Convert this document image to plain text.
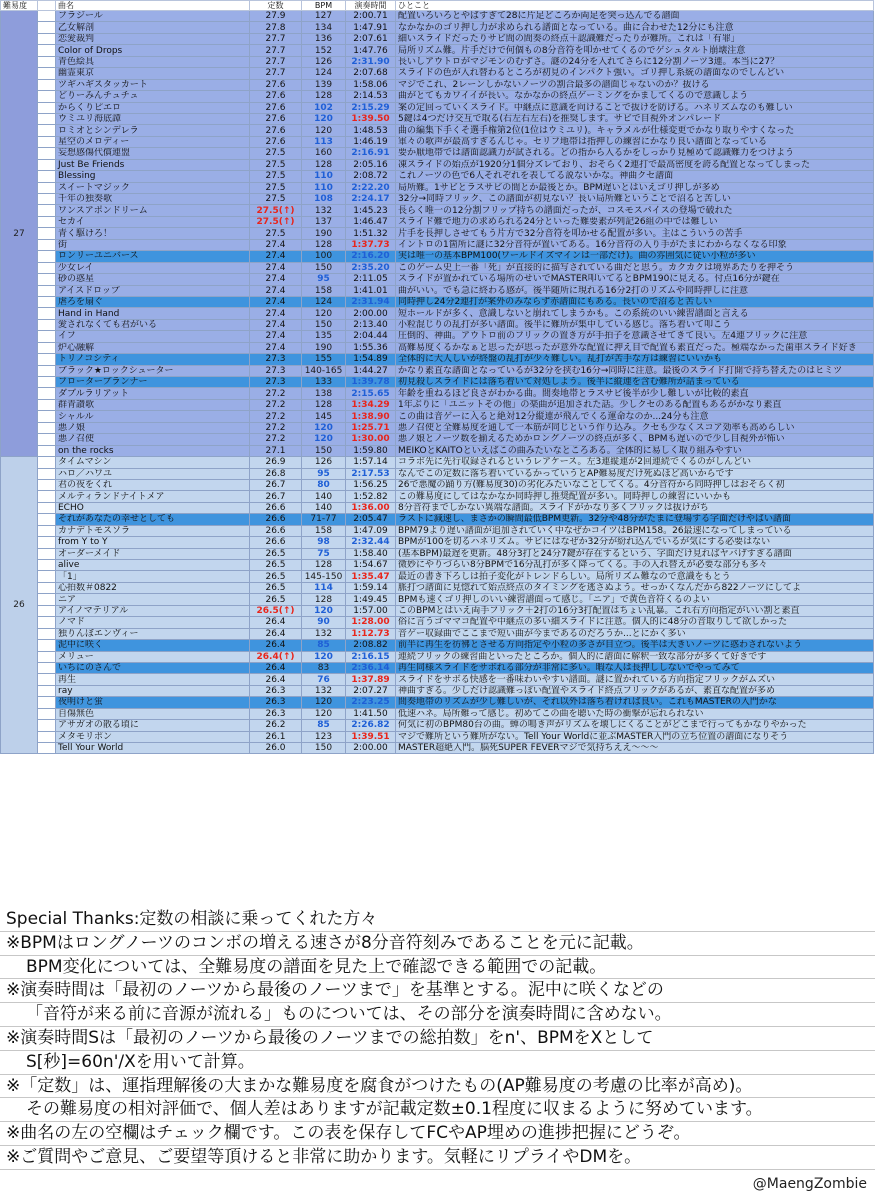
難易度		曲名	定数	BPM	演奏時間	ひとこと
27		フラジール	27.9	127	2:00.71	配置いろいろとやばすぎて28に片足どころか両足を突っ込んでる譜面
		乙女解剖	27.8	134	1:47.91	なかなかのゴリ押し力が求められる譜面となっている。曲に合わせた12分にも注意
		恋愛裁判	27.7	136	2:07.61	細いスライドだったりサビ間の間奏の終点＋認識難だったりが難所。これは「有罪」
		Color of Drops	27.7	152	1:47.76	局所リズム難。片手だけで何個もの8分音符を叩かせてくるのでゲシュタルト崩壊注意
		青色絵具	27.7	126	2:31.90	長いしアウトロがマジモンのむずさ。謎の24分を入れてさらに12分割ノーツ3連。本当に27？
		幽霊東京	27.7	124	2:07.68	スライドの色が入れ替わるところが初見のインパクト強い。ゴリ押し系統の譜面なのでしんどい
		ツギハギスタッカート	27.6	139	1:58.06	マジでこれ、2レーンしかないノーツの割合最多の譜面じゃないのか？抜ける
		どりーみんチュチュ	27.6	128	2:14.53	曲がとてもカワイイが長い。なかなかの終点ゲーミングをかましてくるので意識しよう
		からくりピエロ	27.6	102	2:15.29	案の定回っていくスライド。中継点に意識を向けることで抜けを防げる。ハネリズムなのも難しい
		ウミユリ海底譚	27.6	120	1:39.50	5鍵は4つだけ交互で取る(右左右左右)を推奨します。サビで目視外オンパレード
		ロミオとシンデレラ	27.6	120	1:48.53	曲の編集下手くそ選手権第2位(1位はウミユリ)。キャラメルが仕様変更でかなり取りやすくなった
		星空のメロディー	27.6	113	1:46.19	軍々の歌声が最高すぎるんじゃ。セリフ地帯は指押しの練習にかなり良い譜面となっている
		妄想感傷代償連盟	27.5	160	2:16.91	要か厭地帯では譜面認識力が試される。どの指から入るかをしっかり見極めて認識難力をつけよう
		Just Be Friends	27.5	128	2:05.16	凍スライドの始点が1920分1個分ズレており、おそらく2連打で最高密度を誇る配置となってしまった
		Blessing	27.5	110	2:08.72	これノーツの色で6人それぞれを表してる説ないかな。神曲クセ譜面
		スイートマジック	27.5	110	2:22.20	局所難。1サビとラスサビの間とか最後とか。BPM遅いとはいえゴリ押しが多め
		千年の独奏歌	27.5	108	2:24.17	32分→同時フリック、この譜面が初見ない？長い局所難ということで沼ると苦しい
		ワンスアポンドリーム	27.5(↑)	132	1:45.23	長らく唯一の12分割フリップ持ちの譜面だったが、コスモスパイスの登場で破れた
		セカイ	27.5(↑)	137	1:46.47	スライド難で地力の求められる24分といった難要素が列記26組の中では難しい
		青く駆けろ！	27.5	190	1:51.32	片手を長押しさせてもう片方で32分音符を叩かせる配置が多い。主はこういうの苦手
		街	27.4	128	1:37.73	イントロの1箇所に謎に32分音符が置いてある。16分音符の入り手がたまにわからなくなる印象
		ロンリーユニバース	27.4	100	2:16.20	実は唯一の基本BPM100(ワールドイズマインは一部だけ)。曲の雰囲気に従い小粒が多い
		少女レイ	27.4	150	2:35.20	このゲーム史上一番「死」が直接的に描写されている曲だと思う。カクカクは境界あたりを押そう
		砂の惑星	27.4	95	2:11.05	スライドが置かれている場所のせいでMASTER叩いてるとBPM190に見える。付点16分が鍵在
		アイスドロップ	27.4	158	1:41.01	曲がいい。でも急に終わる感が。後半随所に現れる16分2打のリズムや同時押しに注意
		虐ろを扇ぐ	27.4	124	2:31.94	同時押し24分2連打が案外のみならず赤譜面にもある。長いので沼ると苦しい
		Hand in Hand	27.4	120	2:00.00	短ホールドが多く、意識しないと崩れてしまうかも。この系統のいい練習譜面と言える
		愛されなくても君がいる	27.4	150	2:13.40	小粒混じりの乱打が多い譜面。後半に難所が集中している感じ。落ち着いて叩こう
		イフ	27.4	135	2:04.44	圧倒的、神曲。アウトロ前のフリックの置き方が手拍子を意識させてきて良い。左4連フリックに注意
		炉心融解	27.4	190	1:55.36	高難易度くるかなぁと思ったが思ったが意外な配置に押え目で配置も素直だった。極端なかった歯車スライド好き
		トリノコシティ	27.3	155	1:54.89	全体的に大人しいが終盤の乱打が少々難しい。乱打が苦手な方は練習にいいかも
		ブラック★ロックシューター	27.3	140-165	1:44.27	かなり素直な譜面となっているが32分を挟む16分→同時に注意。最後のスライド打開で持ち替えたのはヒミツ
		フローターブランナー	27.3	133	1:39.78	初見殺しスライドには落ち着いて対処しよう。後半に縦連を含む難所が詰まっている
		ダブルラリアット	27.2	138	2:15.65	年齢を重ねるほど良さがわかる曲。間奏地帯とラスサビ後半が少し難しいが比較的素直
		群青讃歌	27.2	128	1:34.29	1年ぶりに「ユニットその他」の楽曲が追加された話。少しクセのある配置もあるがかなり素直
		シャルル	27.2	145	1:38.90	この曲は音ゲーに入ると絶対12分縦連が飛んでくる運命なのか...24分も注意
		悪ノ娘	27.2	120	1:25.71	悪ノ召使と全難易度を通して一本筋が同じという作り込み。クセも少なくスコア効率も高めらしい
		悪ノ召使	27.2	120	1:30.00	悪ノ娘とノーツ数を揃えるためかロングノーツの終点が多く、BPMも遅いので少し目視外が怖い
		on the rocks	27.1	150	1:59.80	MEIKOとKAITOといえばこの曲みたいなところある。全体的に易しく取り組みやすい
26		タイムマシン	26.9	126	1:57.14	コラボ先に先行収録されるというレアケース。左3連縦連が2回連続でくるのがしんどい
		ハロ／ハワユ	26.8	95	2:17.53	なんでこの定数に落ち着いているかっていうとAP難易度だけ死ぬほど高いからです
		君の夜をくれ	26.7	80	1:56.25	26で悪魔の踊り方(難易度30)の劣化みたいなことしてくる。4分音符から同時押しはおそらく初
		メルティランドナイトメア	26.7	140	1:52.82	この難易度にしてはなかなか同時押し推奨配置が多い。同時押しの練習にいいかも
		ECHO	26.6	140	1:36.00	8分音符までしかない異端な譜面。スライドがかなり多くフリックは抜けがち
		それがあなたの幸せとしても	26.6	71-77	2:05.47	ラストに減速し、まさかの瞬間最低BPM更新。32分や48分がたまに登場する字面だけやばい譜面
		カナデトモスソラ	26.6	158	1:47.09	BPM79より遅い譜面が追加されていく中なぜかコイツはBPM158。26最速になってしまっている
		from Y to Y	26.6	98	2:32.44	BPMが100を切るハネリズム。サビにはなぜか32分が紛れ込んでいるが気にする必要はない
		オーダーメイド	26.5	75	1:58.40	(基本BPM)最遅を更新。48分3打と24分7鍵が存在するという、字面だけ見ればヤバげすぎる譜面
		alive	26.5	128	1:54.67	微妙にやりづらい8分BPMで16分乱打が多く降ってくる。手の入れ替えが必要な部分も多々
		「1」	26.5	145-150	1:35.47	最近の書き下ろしは拍子変化がトレンドらしい。局所リズム難なので意識をもとう
		心拍数＃0822	26.5	114	1:59.14	脈打つ譜面に見惚れて始点終点のタイミングを逃さぬよう。せっかくなんだから822ノーツにしてよ
		ニア	26.5	128	1:49.45	BPMも速くゴリ押しのいい練習譜面って感じ。「ニア」で黄色音符くるのよい
		アイノマテリアル	26.5(↑)	120	1:57.00	このBPMとはいえ両手フリック＋2打の16分3打配置はちょい乱暴。これ右方向指定がいい割と素直
		ノマド	26.4	90	1:28.00	俗に言うゴママコ配置や中継点の多い細スライドに注意。個人的に48分の音取りして欲しかった
		独りんぼエンヴィー	26.4	132	1:12.73	音ゲー収録曲でここまで短い曲が今まであるのだろうか...とにかく多い
		泥中に咲く	26.4	85	2:08.82	前半に再生を彷彿とさせる方向指定や小粒の多さが目立つ。後半は大きいノーツに惑わされないよう
		メリュー	26.4(↑)	120	2:16.15	連続フリックの練習曲といったところか。個人的に譜面に解釈一致な部分が多くて好きです
		いちにのさんで	26.4	83	2:36.14	再生同様スライドをサボれる部分が非常に多い。暇な人は長押ししないでやってみて
		再生	26.4	76	1:37.89	スライドをサボる快感を一番味わいやすい譜面。謎に置かれている方向指定フリックがムズい
		ray	26.3	132	2:07.27	神曲すぎる。少しだけ認識難っぽい配置やスライド終点フリックがあるが、素直な配置が多め
		夜明けと蛍	26.3	120	2:23.25	間奏地帯のリズムが少し難しいが、それ以外は落ち着ければ良い。これもMASTERの入門かな
		自傷無色	26.3	120	1:41.50	低速ハネ。局所難って感じ。初めてこの曲を聴いた時の衝撃が忘れられない
		アサガオの散る頃に	26.2	85	2:26.82	何気に初のBPM80台の曲。蝉の鳴き声がリズムを壊しにくることがどこまで行ってもかなりやかった
		メタモリポン	26.1	123	1:39.51	マジで難所という難所がない。Tell Your Worldに並ぶMASTER入門の立ち位置の譜面になりそう
		Tell Your World	26.0	150	2:00.00	MASTER超絶入門。脳死SUPER FEVERマジで気持ちええ〜〜〜
Special Thanks:定数の相談に乗ってくれた方々
※BPMはロングノーツのコンボの増える速さが8分音符刻みであることを元に記載。
BPM変化については、全難易度の譜面を見た上で確認できる範囲での記載。
※演奏時間は「最初のノーツから最後のノーツまで」を基準とする。泥中に咲くなどの
「音符が来る前に音源が流れる」ものについては、その部分を演奏時間に含めない。
※演奏時間Sは「最初のノーツから最後のノーツまでの総拍数」をn'、BPMをXとして
S[秒]=60n'/Xを用いて計算。
※「定数」は、運指理解後の大まかな難易度を腐食がつけたもの(AP難易度の考慮の比率が高め)。
その難易度の相対評価で、個人差はありますが記載定数±0.1程度に収まるように努めています。
※曲名の左の空欄はチェック欄です。この表を保存してFCやAP埋めの進捗把握にどうぞ。
※ご質問やご意見、ご要望等頂けると非常に助かります。気軽にリプライやDMを。
@MaengZombie
